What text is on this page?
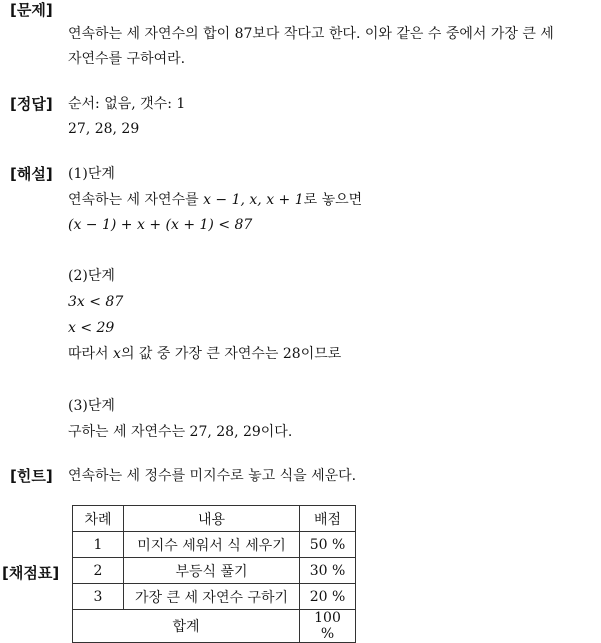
[문제]
연속하는 세 자연수의 합이 87보다 작다고 한다. 이와 같은 수 중에서 가장 큰 세
자연수를 구하여라.
[정답] 순서: 없음, 갯수: 1
27, 28, 29
[해설] (1)단계
연속하는 세 자연수를 x − 1, x, x + 1로 놓으면
(x − 1) + x + (x + 1) < 87
(2)단계
3x < 87
x < 29
따라서 x의 값 중 가장 큰 자연수는 28이므로
(3)단계
구하는 세 자연수는 27, 28, 29이다.
[힌트] 연속하는 세 정수를 미지수로 놓고 식을 세운다.
[채점표]
차례	내용	배점
1	미지수 세워서 식 세우기	50 %
2	부등식 풀기	30 %
3	가장 큰 세 자연수 구하기	20 %
합계		100 %
